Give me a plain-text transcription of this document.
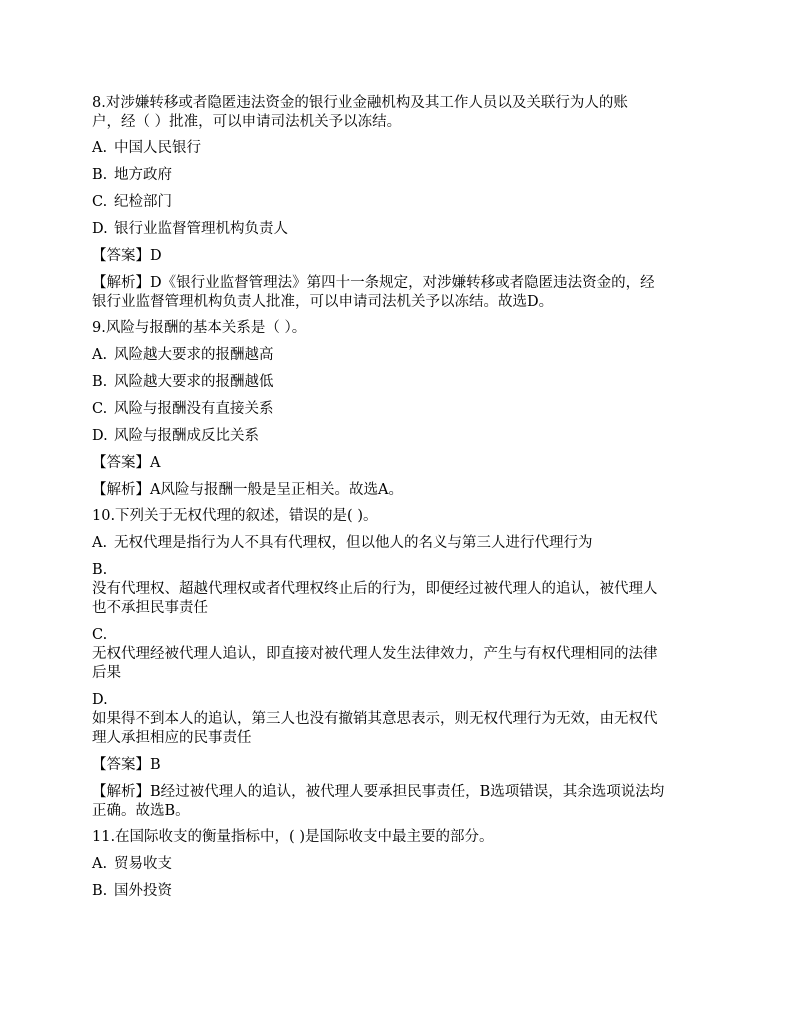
8.对涉嫌转移或者隐匿违法资金的银行业金融机构及其工作人员以及关联行为人的账

户，经（ ）批准，可以申请司法机关予以冻结。

A. 中国人民银行

B. 地方政府

C. 纪检部门

D. 银行业监督管理机构负责人

【答案】D

【解析】D《银行业监督管理法》第四十一条规定，对涉嫌转移或者隐匿违法资金的，经

银行业监督管理机构负责人批准，可以申请司法机关予以冻结。故选D。

9.风险与报酬的基本关系是（ ）。

A. 风险越大要求的报酬越高

B. 风险越大要求的报酬越低

C. 风险与报酬没有直接关系

D. 风险与报酬成反比关系

【答案】A

【解析】A风险与报酬一般是呈正相关。故选A。

10.下列关于无权代理的叙述，错误的是( )。

A. 无权代理是指行为人不具有代理权，但以他人的名义与第三人进行代理行为

B.

没有代理权、超越代理权或者代理权终止后的行为，即便经过被代理人的追认，被代理人

也不承担民事责任

C.

无权代理经被代理人追认，即直接对被代理人发生法律效力，产生与有权代理相同的法律

后果

D.

如果得不到本人的追认，第三人也没有撤销其意思表示，则无权代理行为无效，由无权代

理人承担相应的民事责任

【答案】B

【解析】B经过被代理人的追认，被代理人要承担民事责任，B选项错误，其余选项说法均

正确。故选B。

11.在国际收支的衡量指标中，( )是国际收支中最主要的部分。

A. 贸易收支

B. 国外投资
